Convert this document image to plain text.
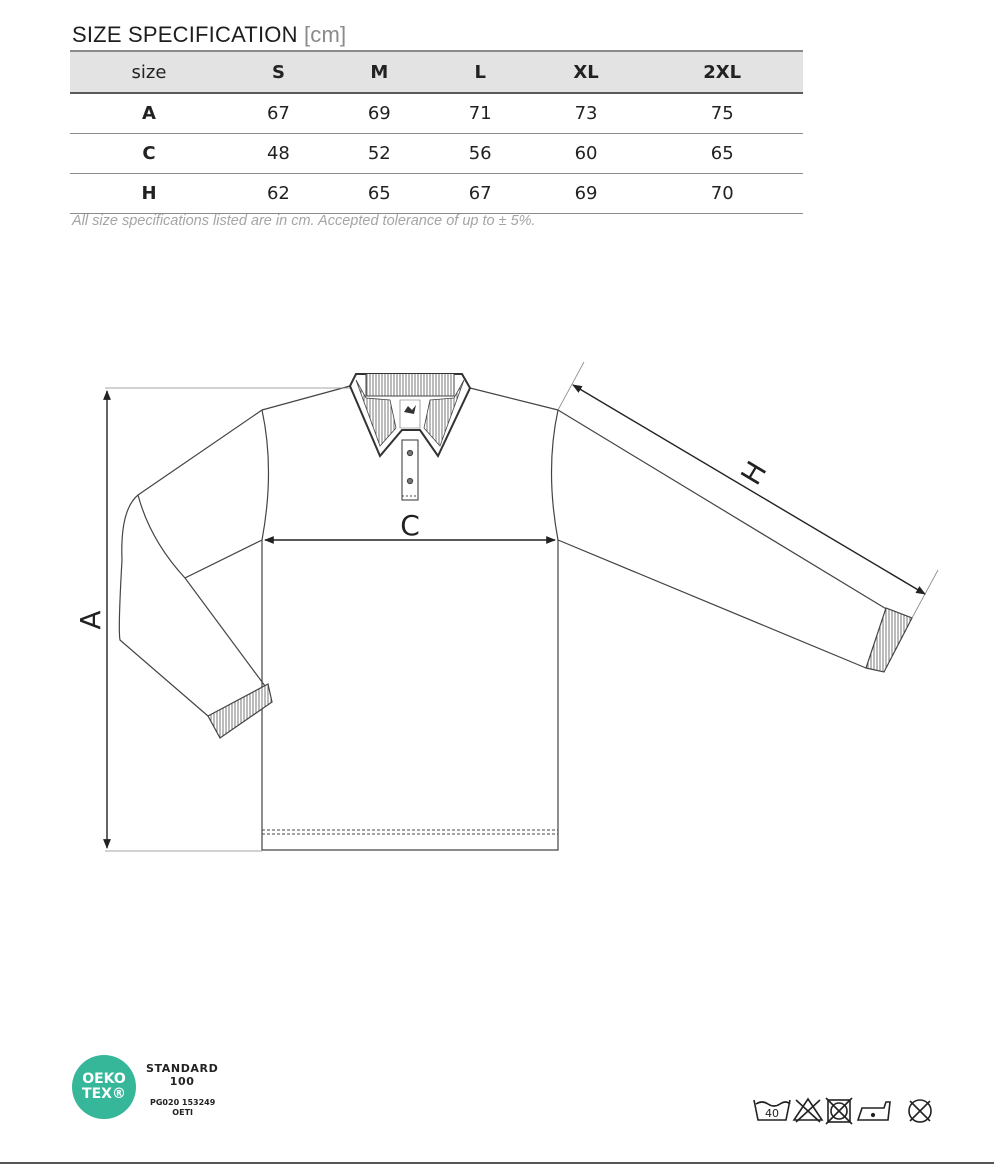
SIZE SPECIFICATION [cm]
size	S	M	L	XL	2XL
A	67	69	71	73	75
C	48	52	56	60	65
H	62	65	67	69	70
All size specifications listed are in cm. Accepted tolerance of up to ± 5%.
A
C
H
OEKO
TEX®
STANDARD
100
PG020 153249
OETI	40
